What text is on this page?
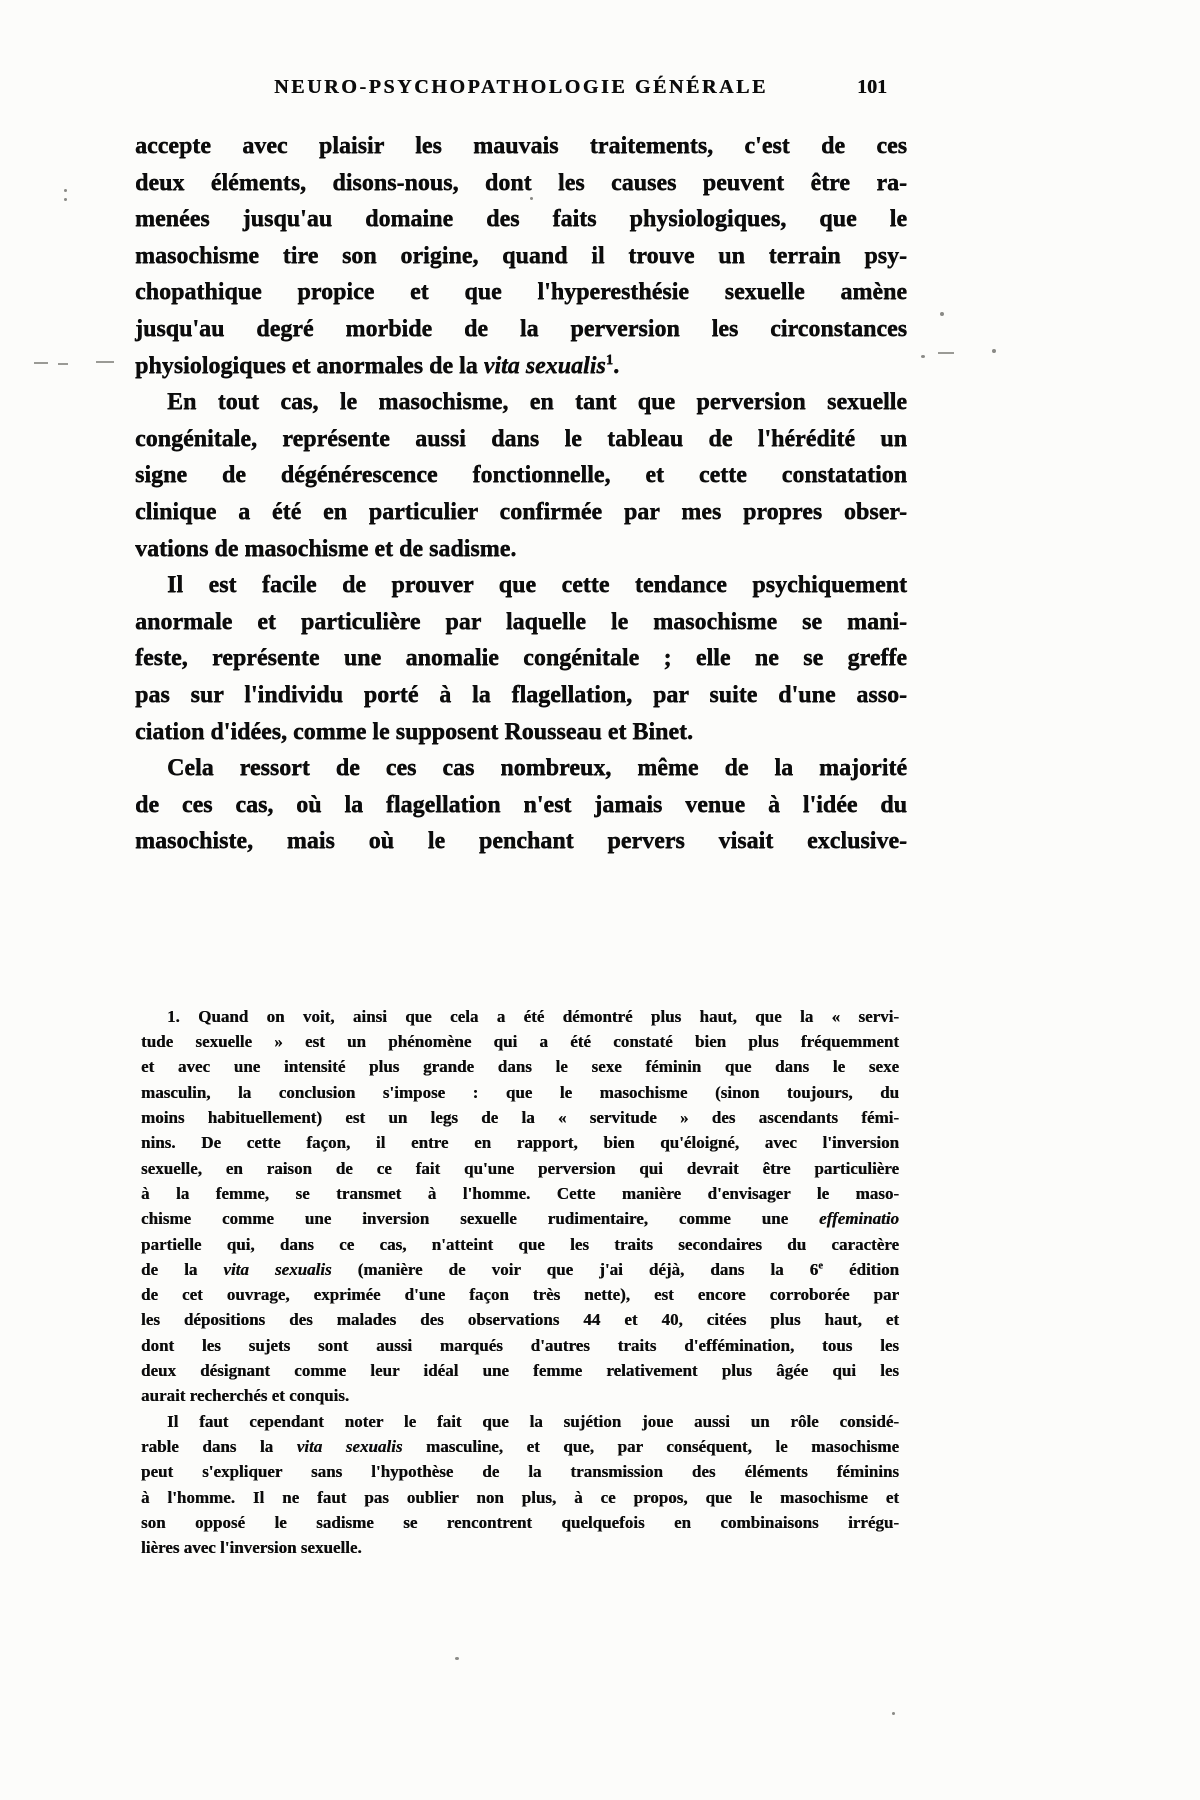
NEURO-PSYCHOPATHOLOGIE GÉNÉRALE	101
accepte avec plaisir les mauvais traitements, c'est de ces
deux éléments, disons-nous, dont les causes peuvent être ra-
menées jusqu'au domaine des faits physiologiques, que le
masochisme tire son origine, quand il trouve un terrain psy-
chopathique propice et que l'hyperesthésie sexuelle amène
jusqu'au degré morbide de la perversion les circonstances
physiologiques et anormales de la vita sexualis$^1$.
En tout cas, le masochisme, en tant que perversion sexuelle
congénitale, représente aussi dans le tableau de l'hérédité un
signe de dégénérescence fonctionnelle, et cette constatation
clinique a été en particulier confirmée par mes propres obser-
vations de masochisme et de sadisme.
Il est facile de prouver que cette tendance psychiquement
anormale et particulière par laquelle le masochisme se mani-
feste, représente une anomalie congénitale ; elle ne se greffe
pas sur l'individu porté à la flagellation, par suite d'une asso-
ciation d'idées, comme le supposent Rousseau et Binet.
Cela ressort de ces cas nombreux, même de la majorité
de ces cas, où la flagellation n'est jamais venue à l'idée du
masochiste, mais où le penchant pervers visait exclusive-
1. Quand on voit, ainsi que cela a été démontré plus haut, que la « servi-
tude sexuelle » est un phénomène qui a été constaté bien plus fréquemment
et avec une intensité plus grande dans le sexe féminin que dans le sexe
masculin, la conclusion s'impose : que le masochisme (sinon toujours, du
moins habituellement) est un legs de la « servitude » des ascendants fémi-
nins. De cette façon, il entre en rapport, bien qu'éloigné, avec l'inversion
sexuelle, en raison de ce fait qu'une perversion qui devrait être particulière
à la femme, se transmet à l'homme. Cette manière d'envisager le maso-
chisme comme une inversion sexuelle rudimentaire, comme une effeminatio
partielle qui, dans ce cas, n'atteint que les traits secondaires du caractère
de la vita sexualis (manière de voir que j'ai déjà, dans la 6e édition
de cet ouvrage, exprimée d'une façon très nette), est encore corroborée par
les dépositions des malades des observations 44 et 40, citées plus haut, et
dont les sujets sont aussi marqués d'autres traits d'effémination, tous les
deux désignant comme leur idéal une femme relativement plus âgée qui les
aurait recherchés et conquis.
Il faut cependant noter le fait que la sujétion joue aussi un rôle considé-
rable dans la vita sexualis masculine, et que, par conséquent, le masochisme
peut s'expliquer sans l'hypothèse de la transmission des éléments féminins
à l'homme. Il ne faut pas oublier non plus, à ce propos, que le masochisme et
son opposé le sadisme se rencontrent quelquefois en combinaisons irrégu-
lières avec l'inversion sexuelle.
